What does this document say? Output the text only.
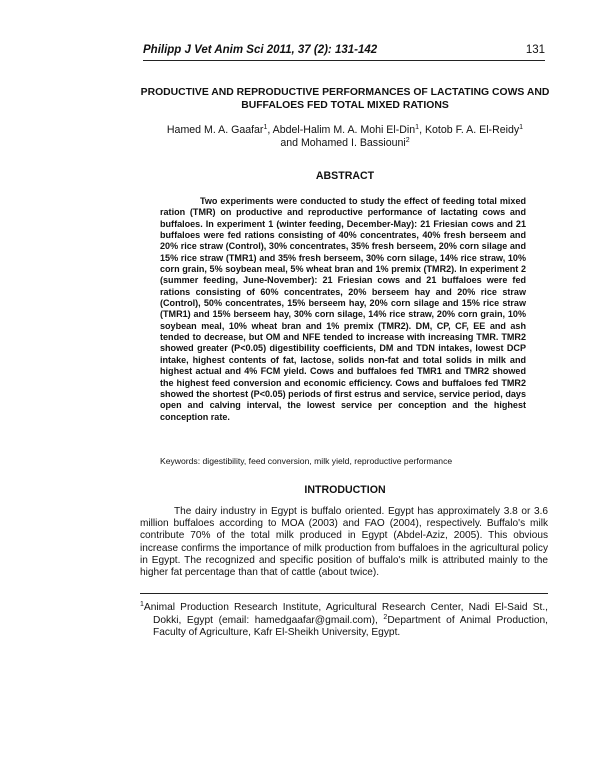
Philipp J Vet Anim Sci 2011, 37 (2): 131-142	131
PRODUCTIVE AND REPRODUCTIVE PERFORMANCES OF LACTATING COWS AND BUFFALOES FED TOTAL MIXED RATIONS
Hamed M. A. Gaafar$^1$, Abdel-Halim M. A. Mohi El-Din$^1$, Kotob F. A. El-Reidy$^1$
and Mohamed I. Bassiouni$^2$
ABSTRACT

Two experiments were conducted to study the effect of feeding total mixed ration (TMR) on productive and reproductive performance of lactating cows and buffaloes. In experiment 1 (winter feeding, December-May): 21 Friesian cows and 21 buffaloes were fed rations consisting of 40% concentrates, 40% fresh berseem and 20% rice straw (Control), 30% concentrates, 35% fresh berseem, 20% corn silage and 15% rice straw (TMR1) and 35% fresh berseem, 30% corn silage, 14% rice straw, 10% corn grain, 5% soybean meal, 5% wheat bran and 1% premix (TMR2). In experiment 2 (summer feeding, June-November): 21 Friesian cows and 21 buffaloes were fed rations consisting of 60% concentrates, 20% berseem hay and 20% rice straw (Control), 50% concentrates, 15% berseem hay, 20% corn silage and 15% rice straw (TMR1) and 15% berseem hay, 30% corn silage, 14% rice straw, 20% corn grain, 10% soybean meal, 10% wheat bran and 1% premix (TMR2). DM, CP, CF, EE and ash tended to decrease, but OM and NFE tended to increase with increasing TMR. TMR2 showed greater (P<0.05) digestibility coefficients, DM and TDN intakes, lowest DCP intake, highest contents of fat, lactose, solids non-fat and total solids in milk and highest actual and 4% FCM yield. Cows and buffaloes fed TMR1 and TMR2 showed the highest feed conversion and economic efficiency. Cows and buffaloes fed TMR2 showed the shortest (P<0.05) periods of first estrus and service, service period, days open and calving interval, the lowest service per conception and the highest conception rate.

Keywords: digestibility, feed conversion, milk yield, reproductive performance
INTRODUCTION

The dairy industry in Egypt is buffalo oriented. Egypt has approximately 3.8 or 3.6 million buffaloes according to MOA (2003) and FAO (2004), respectively. Buffalo's milk contribute 70% of the total milk produced in Egypt (Abdel-Aziz, 2005). This obvious increase confirms the importance of milk production from buffaloes in the agricultural policy in Egypt. The recognized and specific position of buffalo's milk is attributed mainly to the higher fat percentage than that of cattle (about twice).

$^1$Animal Production Research Institute, Agricultural Research Center, Nadi El-Said St., Dokki, Egypt (email: hamedgaafar@gmail.com), $^2$Department of Animal Production, Faculty of Agriculture, Kafr El-Sheikh University, Egypt.
